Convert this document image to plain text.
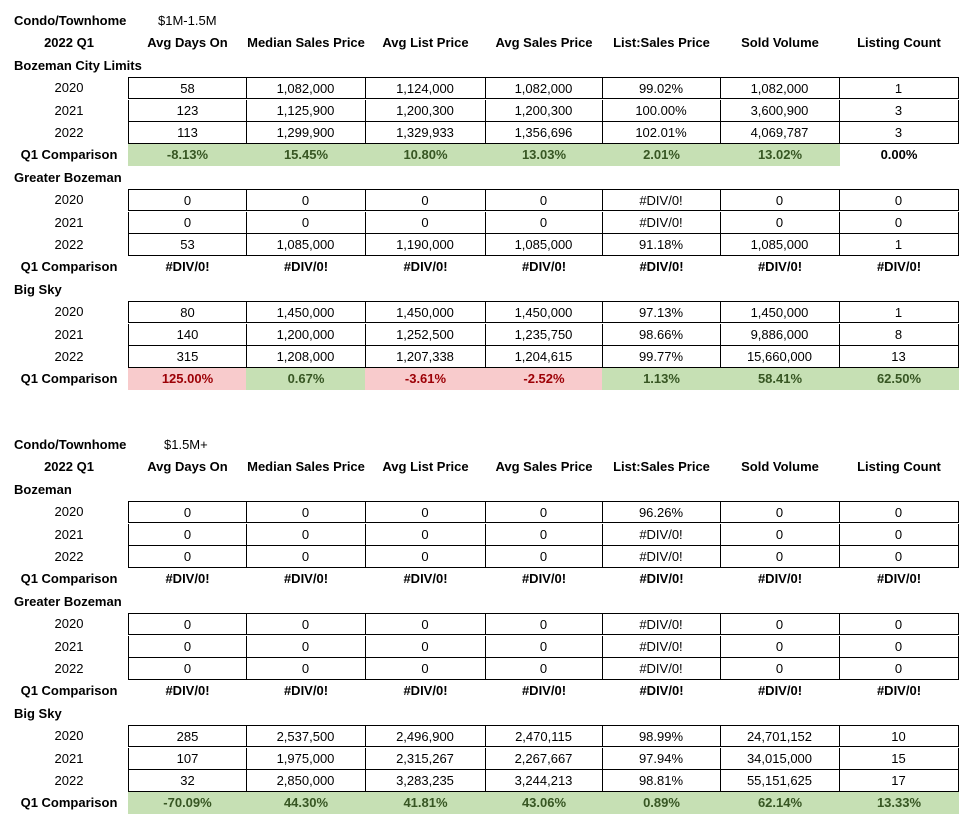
Condo/Townhome $1M-1.5M
2022 Q1	Avg Days On	Median Sales Price	Avg List Price	Avg Sales Price	List:Sales Price	Sold Volume	Listing Count
Bozeman City Limits
2020	58	1,082,000	1,124,000	1,082,000	99.02%	1,082,000	1
2021	123	1,125,900	1,200,300	1,200,300	100.00%	3,600,900	3
2022	113	1,299,900	1,329,933	1,356,696	102.01%	4,069,787	3
Q1 Comparison	-8.13%	15.45%	10.80%	13.03%	2.01%	13.02%	0.00%
Greater Bozeman
2020	0	0	0	0	#DIV/0!	0	0
2021	0	0	0	0	#DIV/0!	0	0
2022	53	1,085,000	1,190,000	1,085,000	91.18%	1,085,000	1
Q1 Comparison	#DIV/0!	#DIV/0!	#DIV/0!	#DIV/0!	#DIV/0!	#DIV/0!	#DIV/0!
Big Sky
2020	80	1,450,000	1,450,000	1,450,000	97.13%	1,450,000	1
2021	140	1,200,000	1,252,500	1,235,750	98.66%	9,886,000	8
2022	315	1,208,000	1,207,338	1,204,615	99.77%	15,660,000	13
Q1 Comparison	125.00%	0.67%	-3.61%	-2.52%	1.13%	58.41%	62.50%
Condo/Townhome	$1.5M+
2022 Q1	Avg Days On	Median Sales Price	Avg List Price	Avg Sales Price	List:Sales Price	Sold Volume	Listing Count
Bozeman
2020	0	0	0	0	96.26%	0	0
2021	0	0	0	0	#DIV/0!	0	0
2022	0	0	0	0	#DIV/0!	0	0
Q1 Comparison	#DIV/0!	#DIV/0!	#DIV/0!	#DIV/0!	#DIV/0!	#DIV/0!	#DIV/0!
Greater Bozeman
2020	0	0	0	0	#DIV/0!	0	0
2021	0	0	0	0	#DIV/0!	0	0
2022	0	0	0	0	#DIV/0!	0	0
Q1 Comparison	#DIV/0!	#DIV/0!	#DIV/0!	#DIV/0!	#DIV/0!	#DIV/0!	#DIV/0!
Big Sky
2020	285	2,537,500	2,496,900	2,470,115	98.99%	24,701,152	10
2021	107	1,975,000	2,315,267	2,267,667	97.94%	34,015,000	15
2022	32	2,850,000	3,283,235	3,244,213	98.81%	55,151,625	17
Q1 Comparison	-70.09%	44.30%	41.81%	43.06%	0.89%	62.14%	13.33%
